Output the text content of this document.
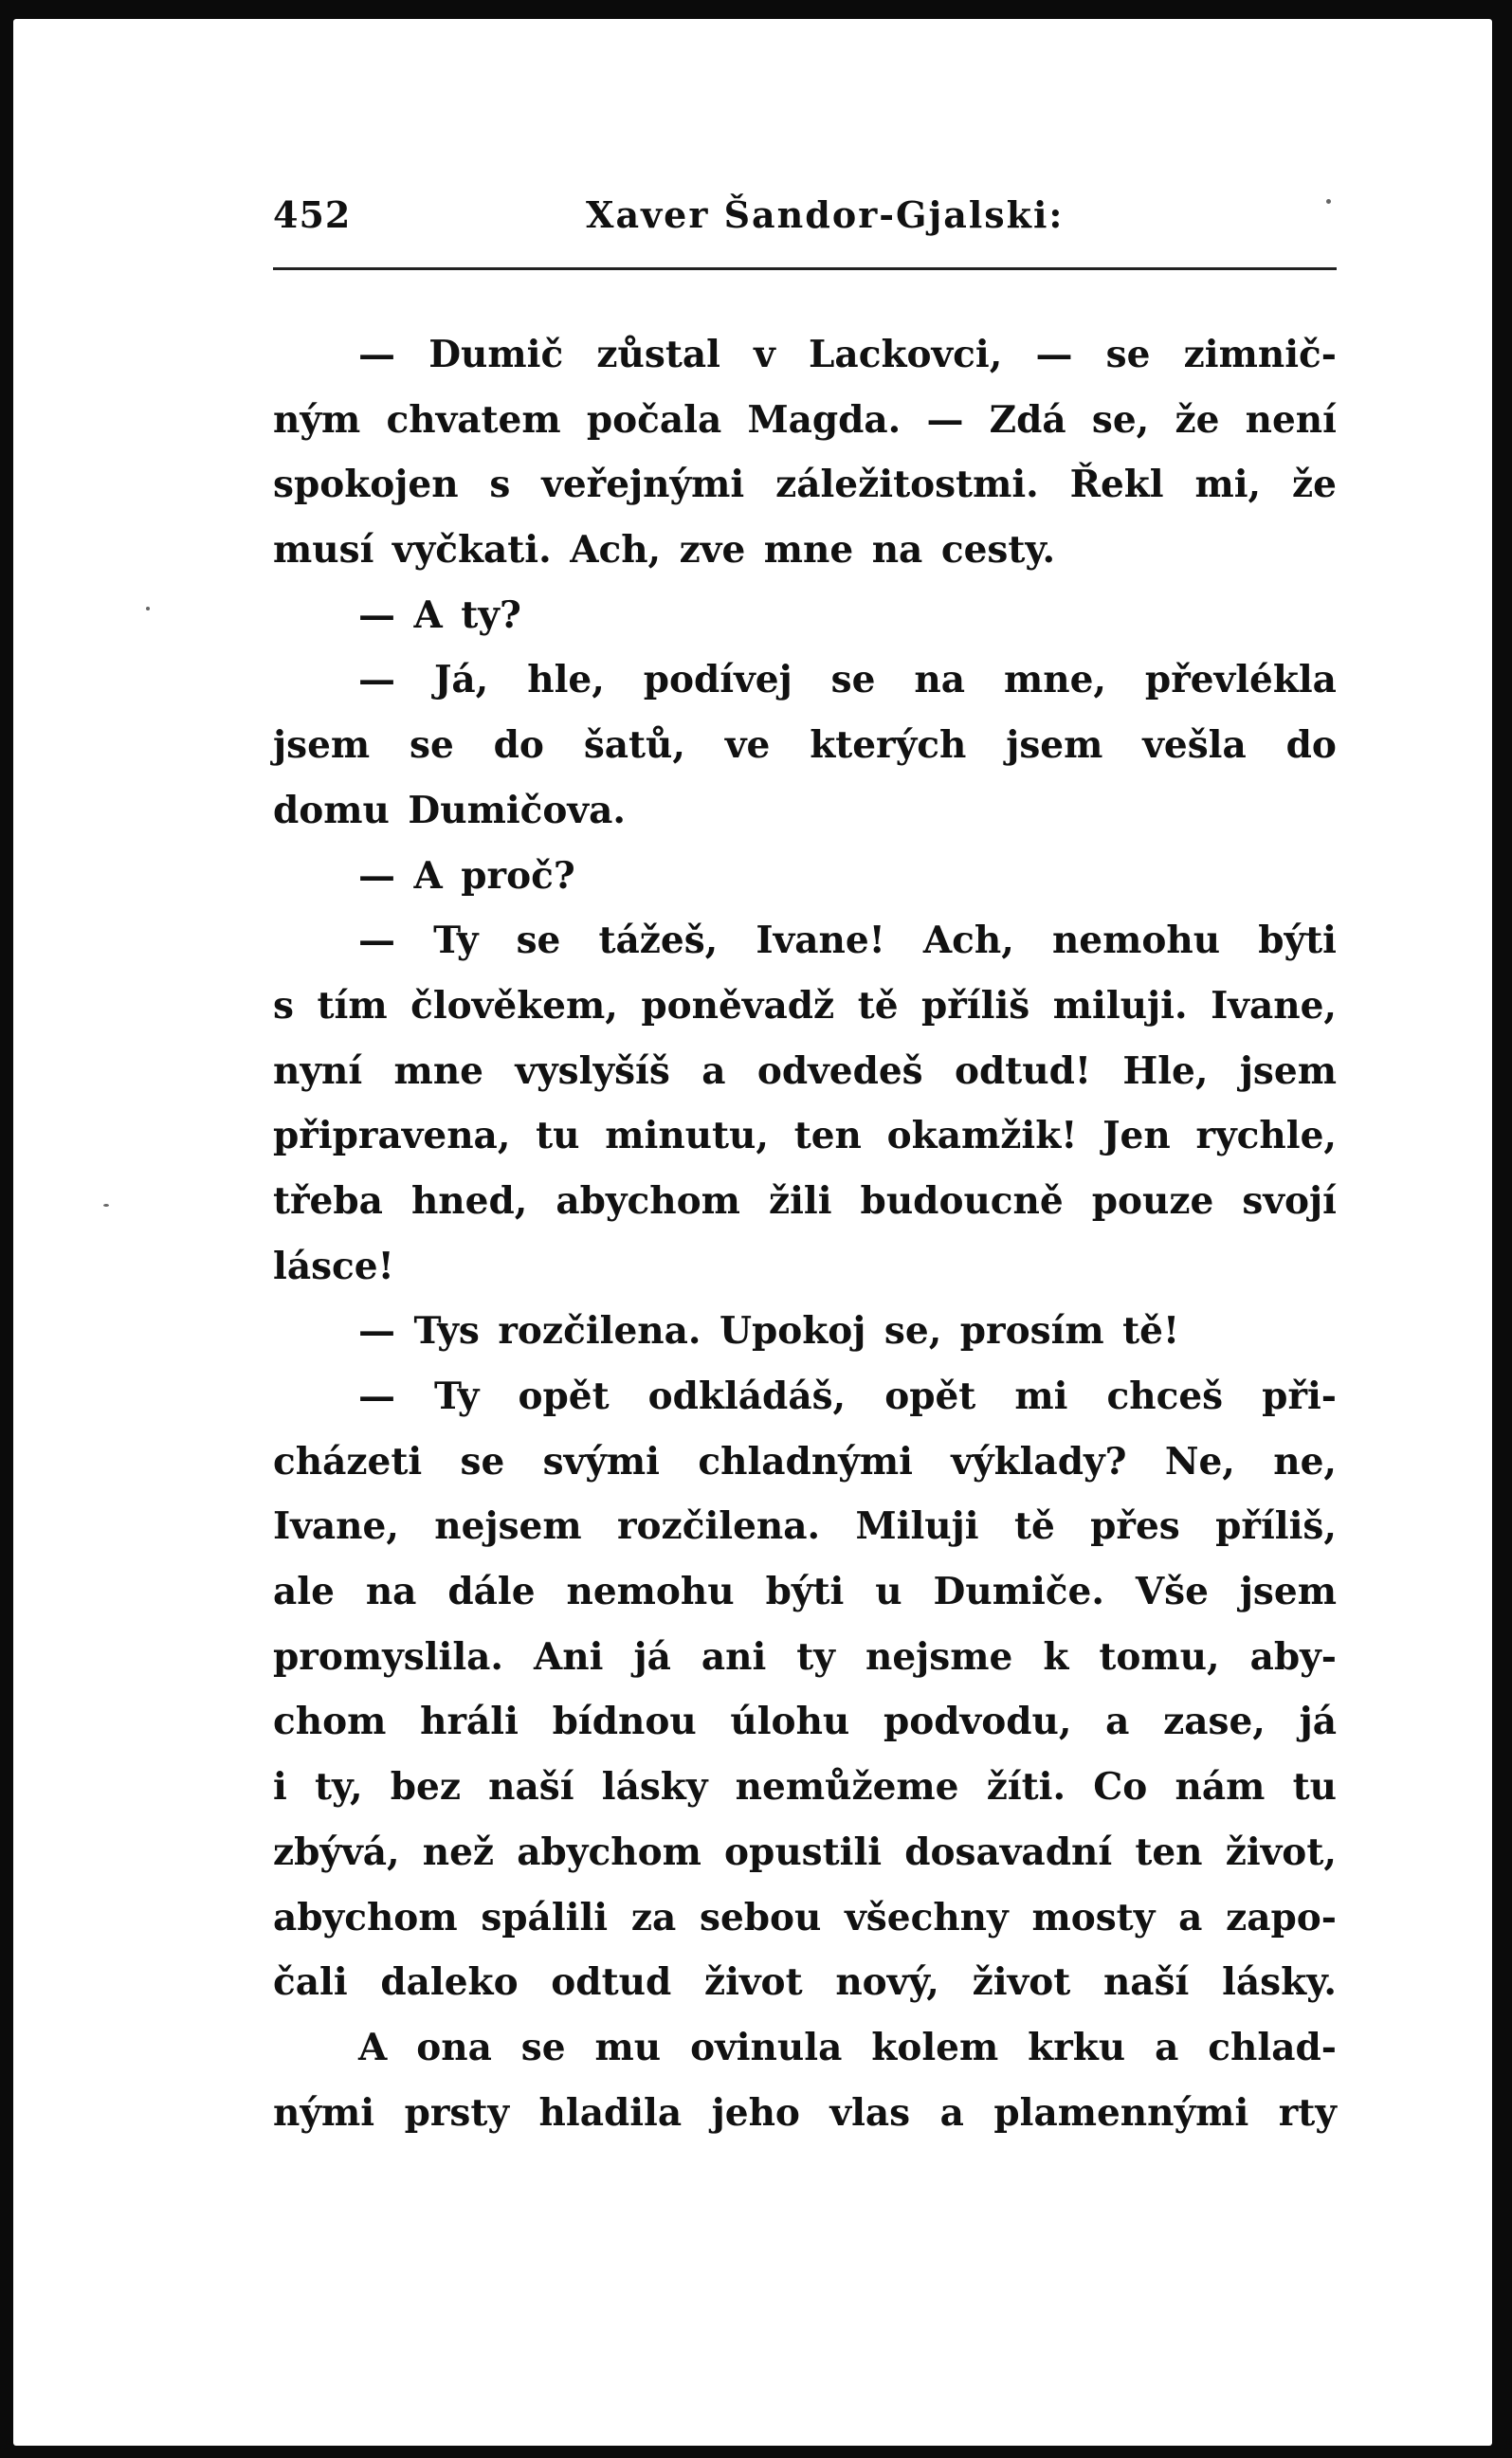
452	Xaver Šandor-Gjalski:
— Dumič zůstal v Lackovci, — se zimnič-
ným chvatem počala Magda. — Zdá se, že není
spokojen s veřejnými záležitostmi. Řekl mi, že
musí vyčkati. Ach, zve mne na cesty.
— A ty?
— Já, hle, podívej se na mne, převlékla
jsem se do šatů, ve kterých jsem vešla do
domu Dumičova.
— A proč?
— Ty se tážeš, Ivane! Ach, nemohu býti
s tím člověkem, poněvadž tě příliš miluji. Ivane,
nyní mne vyslyšíš a odvedeš odtud! Hle, jsem
připravena, tu minutu, ten okamžik! Jen rychle,
třeba hned, abychom žili budoucně pouze svojí
lásce!
— Tys rozčilena. Upokoj se, prosím tě!
— Ty opět odkládáš, opět mi chceš při-
cházeti se svými chladnými výklady? Ne, ne,
Ivane, nejsem rozčilena. Miluji tě přes příliš,
ale na dále nemohu býti u Dumiče. Vše jsem
promyslila. Ani já ani ty nejsme k tomu, aby-
chom hráli bídnou úlohu podvodu, a zase, já
i ty, bez naší lásky nemůžeme žíti. Co nám tu
zbývá, než abychom opustili dosavadní ten život,
abychom spálili za sebou všechny mosty a zapo-
čali daleko odtud život nový, život naší lásky.
A ona se mu ovinula kolem krku a chlad-
nými prsty hladila jeho vlas a plamennými rty
